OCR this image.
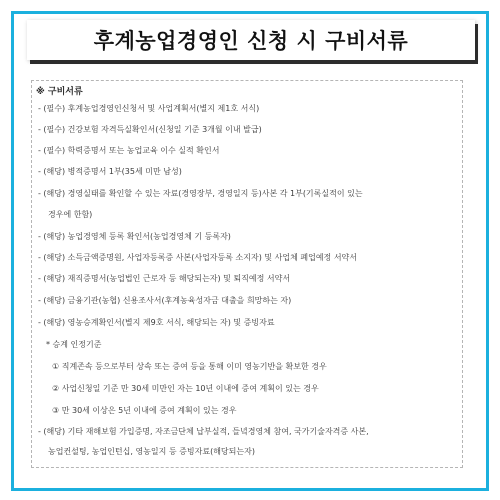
후계농업경영인 신청 시 구비서류
※ 구비서류
- (필수) 후계농업경영인신청서 및 사업계획서(별지 제1호 서식)
- (필수) 건강보험 자격득실확인서(신청일 기준 3개월 이내 발급)
- (필수) 학력증명서 또는 농업교육 이수 실적 확인서
- (해당) 병적증명서 1부(35세 미만 남성)
- (해당) 경영실태를 확인할 수 있는 자료(경영장부, 경영일지 등)사본 각 1부(기록실적이 있는
경우에 한함)
- (해당) 농업경영체 등록 확인서(농업경영체 기 등록자)
- (해당) 소득금액증명원, 사업자등록증 사본(사업자등록 소지자) 및 사업체 폐업예정 서약서
- (해당) 재직증명서(농업법인 근로자 등 해당되는자) 및 퇴직예정 서약서
- (해당) 금융기관(농협) 신용조사서(후계농육성자금 대출을 희망하는 자)
- (해당) 영농승계확인서(별지 제9호 서식, 해당되는 자) 및 증빙자료
* 승계 인정기준
① 직계존속 등으로부터 상속 또는 증여 등을 통해 이미 영농기반을 확보한 경우
② 사업신청일 기준 만 30세 미만인 자는 10년 이내에 증여 계획이 있는 경우
③ 만 30세 이상은 5년 이내에 증여 계획이 있는 경우
- (해당) 기타 재해보험 가입증명, 자조금단체 납부실적, 들녘경영체 참여, 국가기술자격증 사본,
농업컨설팅, 농업인턴십, 영농일지 등 증빙자료(해당되는자)
